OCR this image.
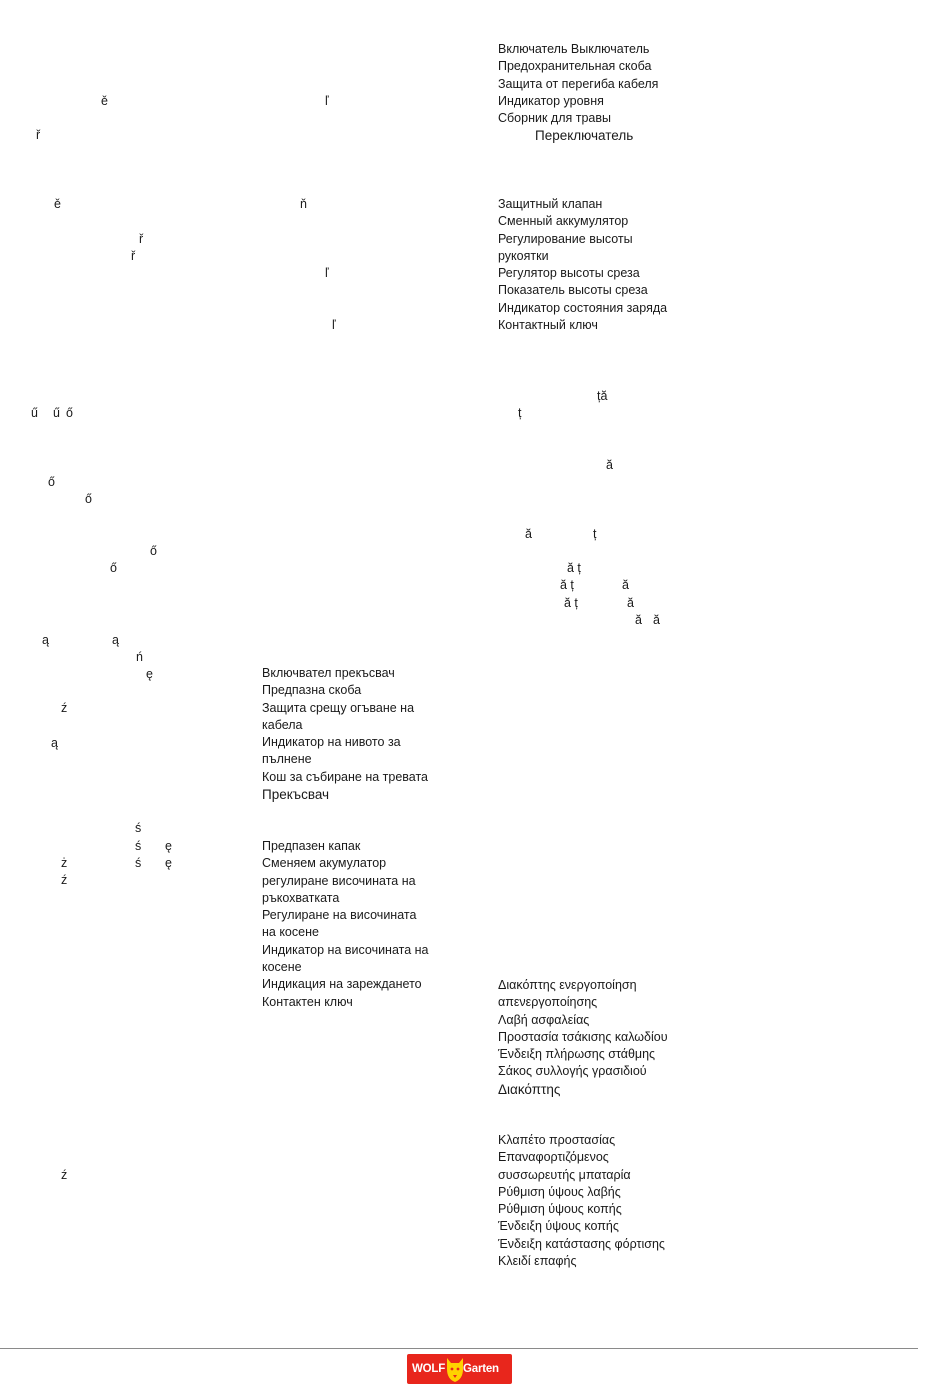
ě	ľ
ř
ě	ň
ř
ř
ľ
ľ
ű ű ő
ő
ő
ő
ő
ą	ą
ń
ę
ź
ą
ś
ś ę
ż	ś ę
ź
ź
ță
ț
ă
ă	ț
ă ț
ă ț	ă
ă ț	ă
ă ă
Включатель Выключатель
Предохранительная скоба
Защита от перегиба кабеля
Индикатор уровня
Сборник для травы
Переключатель
Защитный клапан
Сменный аккумулятор
Регулирование высоты
рукоятки
Регулятор высоты среза
Показатель высоты среза
Индикатор состояния заряда
Контактный ключ
Включвател прекъсвач
Предпазна скоба
Защита срещу огъване на
кабела
Индикатор на нивото за
пълнене
Кош за събиране на тревата
Прекъсвач
Предпазен капак
Сменяем акумулатор
регулиране височината на
ръкохватката
Регулиране на височината
на косене
Индикатор на височината на
косене
Индикация на зареждането
Контактен ключ
Διακόπτης ενεργοποίηση
απενεργοποίησης
Λαβή ασφαλείας
Προστασία τσάκισης καλωδίου
Ένδειξη πλήρωσης στάθμης
Σάκος συλλογής γρασιδιού
Διακόπτης
Κλαπέτο προστασίας
Επαναφορτιζόμενος
συσσωρευτής μπαταρία
Ρύθμιση ύψους λαβής
Ρύθμιση ύψους κοπής
Ένδειξη ύψους κοπής
Ένδειξη κατάστασης φόρτισης
Κλειδί επαφής
WOLF Garten
